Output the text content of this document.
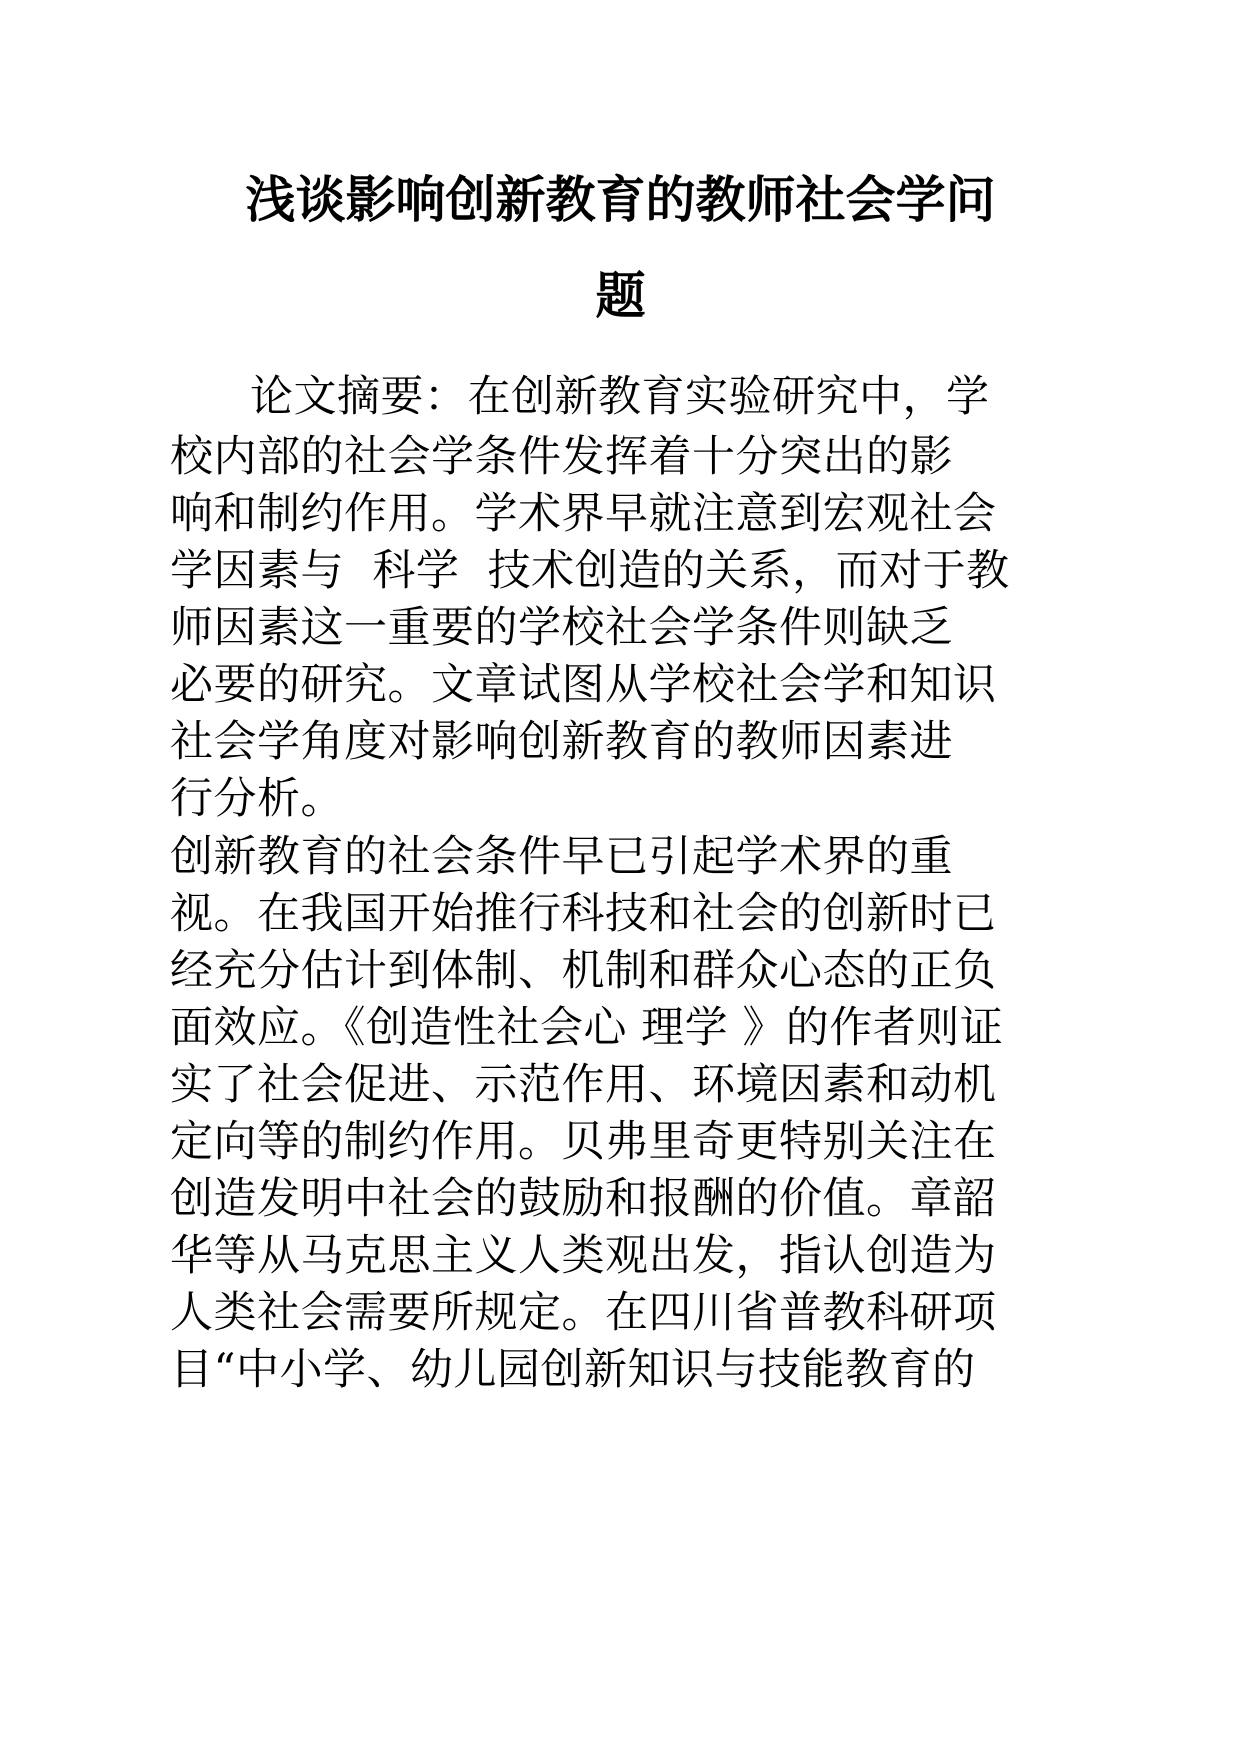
浅谈影响创新教育的教师社会学问
题
论文摘要：在创新教育实验研究中，学
校内部的社会学条件发挥着十分突出的影
响和制约作用。学术界早就注意到宏观社会
学因素与  科学  技术创造的关系，而对于教
师因素这一重要的学校社会学条件则缺乏
必要的研究。文章试图从学校社会学和知识
社会学角度对影响创新教育的教师因素进
行分析。
创新教育的社会条件早已引起学术界的重
视。在我国开始推行科技和社会的创新时已
经充分估计到体制、机制和群众心态的正负
面效应。《创造性社会心 理学 》的作者则证
实了社会促进、示范作用、环境因素和动机
定向等的制约作用。贝弗里奇更特别关注在
创造发明中社会的鼓励和报酬的价值。章韶
华等从马克思主义人类观出发，指认创造为
人类社会需要所规定。在四川省普教科研项
目“中小学、幼儿园创新知识与技能教育的
